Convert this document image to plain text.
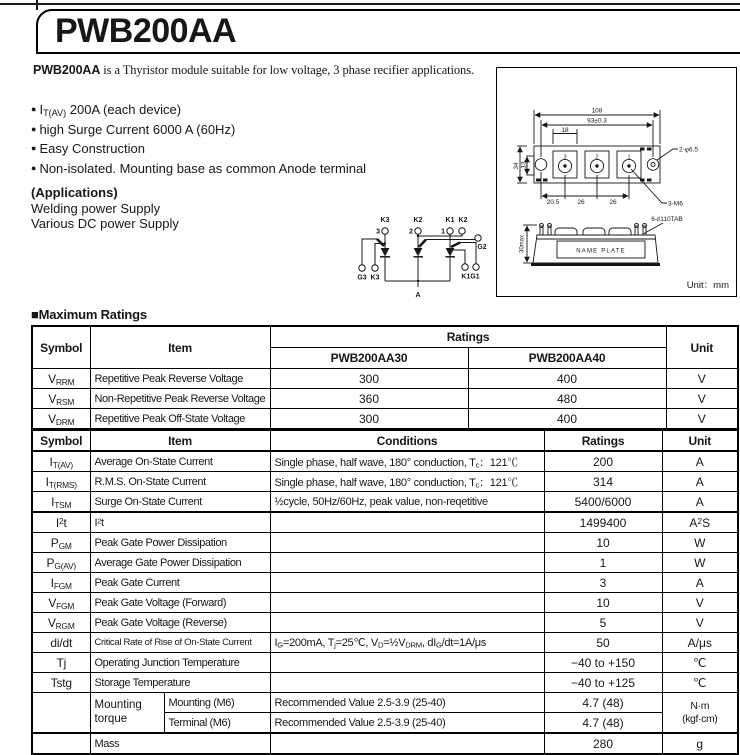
PWB200AA
PWB200AA is a Thyristor module suitable for low voltage, 3 phase recifier applications.
● $I_{T(AV)}$ 200A (each device)
● high Surge Current 6000 A (60Hz)
● Easy Construction
● Non-isolated. Mounting base as common Anode terminal
(Applications)
Welding power Supply
Various DC power Supply	K3	K2	K1 K2
3	2	1
G2
G3 K3	K1G1
A
108
93±0.3
18
3	2	1
2-φ6.5
3-M6
20.5	26	26
34 13
6-♯110TAB
30max	NAME PLATE
Unit：mm
■Maximum Ratings
Symbol	Item	Ratings		Unit
		PWB200AA30	PWB200AA40	
$V_{RRM}$	Repetitive Peak Reverse Voltage	300	400	V
$V_{RSM}$	Non-Repetitive Peak Reverse Voltage	360	480	V
$V_{DRM}$	Repetitive Peak Off-State Voltage	300	400	V
Symbol	Item		Conditions	Ratings	Unit
$I_{T(AV)}$	Average On-State Current		Single phase, half wave, 180° conduction, $T_c$：121℃	200	A
$I_{T(RMS)}$	R.M.S. On-State Current		Single phase, half wave, 180° conduction, $T_c$：121℃	314	A
$I_{TSM}$	Surge On-State Current		½cycle, 50Hz/60Hz, peak value, non-reqetitive	5400/6000	A
$I^2t$	$I^2t$			1499400	$A^2S$
$P_{GM}$	Peak Gate Power Dissipation			10	W
$P_{G(AV)}$	Average Gate Power Dissipation			1	W
$I_{FGM}$	Peak Gate Current			3	A
$V_{FGM}$	Peak Gate Voltage (Forward)			10	V
$V_{RGM}$	Peak Gate Voltage (Reverse)			5	V
di/dt	Critical Rate of Rise of On-State Current		$I_G=200mA$, $T_j=25℃$, $V_D=\frac{1}{2}V_{DRM}$, $dI_G/dt=1A/\mu s$	50	A/μs
Tj	Operating Junction Temperature			−40 to +150	℃
Tstg	Storage Temperature			−40 to +125	℃
	Mounting torque	Mounting (M6)	Recommended Value 2.5-3.9 (25-40)	4.7 (48)	N·m
(kgf·cm)

		Terminal (M6)	Recommended Value 2.5-3.9 (25-40)	4.7 (48)	
	Mass			280	g
